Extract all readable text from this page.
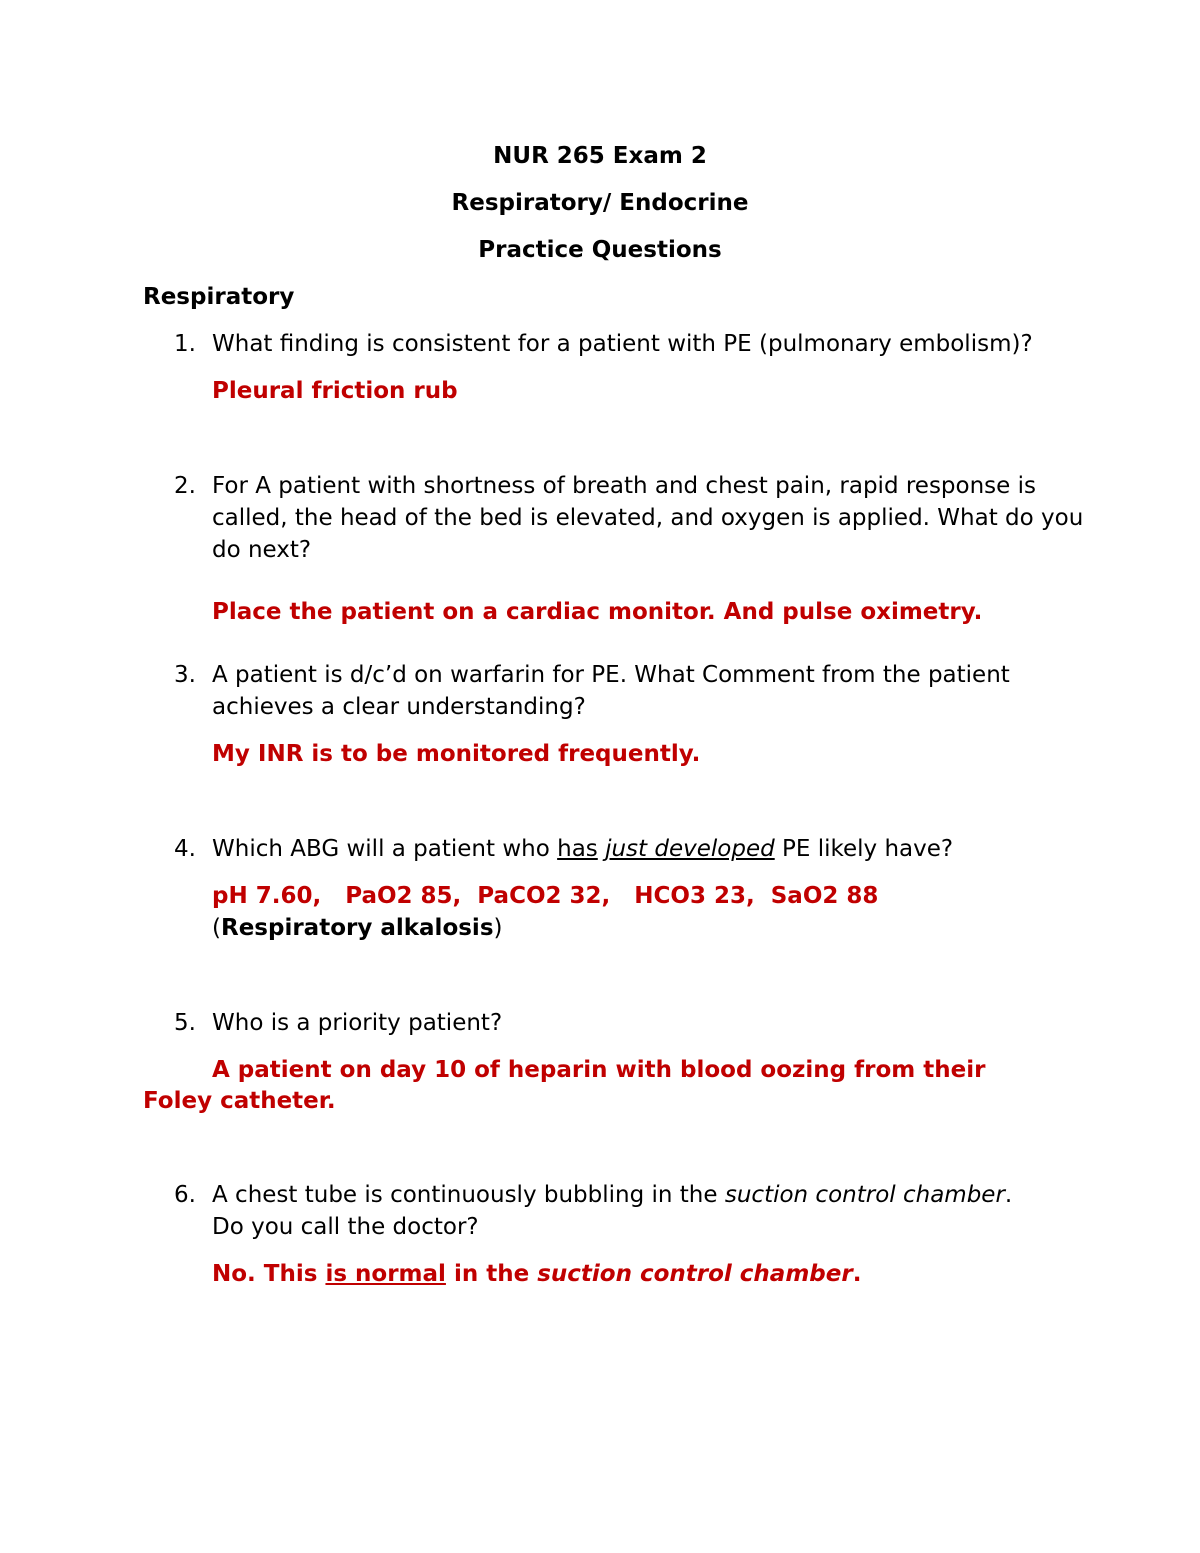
NUR 265 Exam 2
Respiratory/ Endocrine
Practice Questions
Respiratory
1. What finding is consistent for a patient with PE (pulmonary embolism)?
Pleural friction rub
2. For A patient with shortness of breath and chest pain, rapid response is called, the head of the bed is elevated, and oxygen is applied. What do you do next?
Place the patient on a cardiac monitor. And pulse oximetry.
3. A patient is d/c’d on warfarin for PE. What Comment from the patient achieves a clear understanding?
My INR is to be monitored frequently.
4. Which ABG will a patient who has just developed PE likely have?
pH 7.60,   PaO2 85,  PaCO2 32,   HCO3 23,  SaO2 88
(Respiratory alkalosis)
5. Who is a priority patient?
A patient on day 10 of heparin with blood oozing from their
Foley catheter.
6. A chest tube is continuously bubbling in the suction control chamber.
Do you call the doctor?
No. This is normal in the suction control chamber.
